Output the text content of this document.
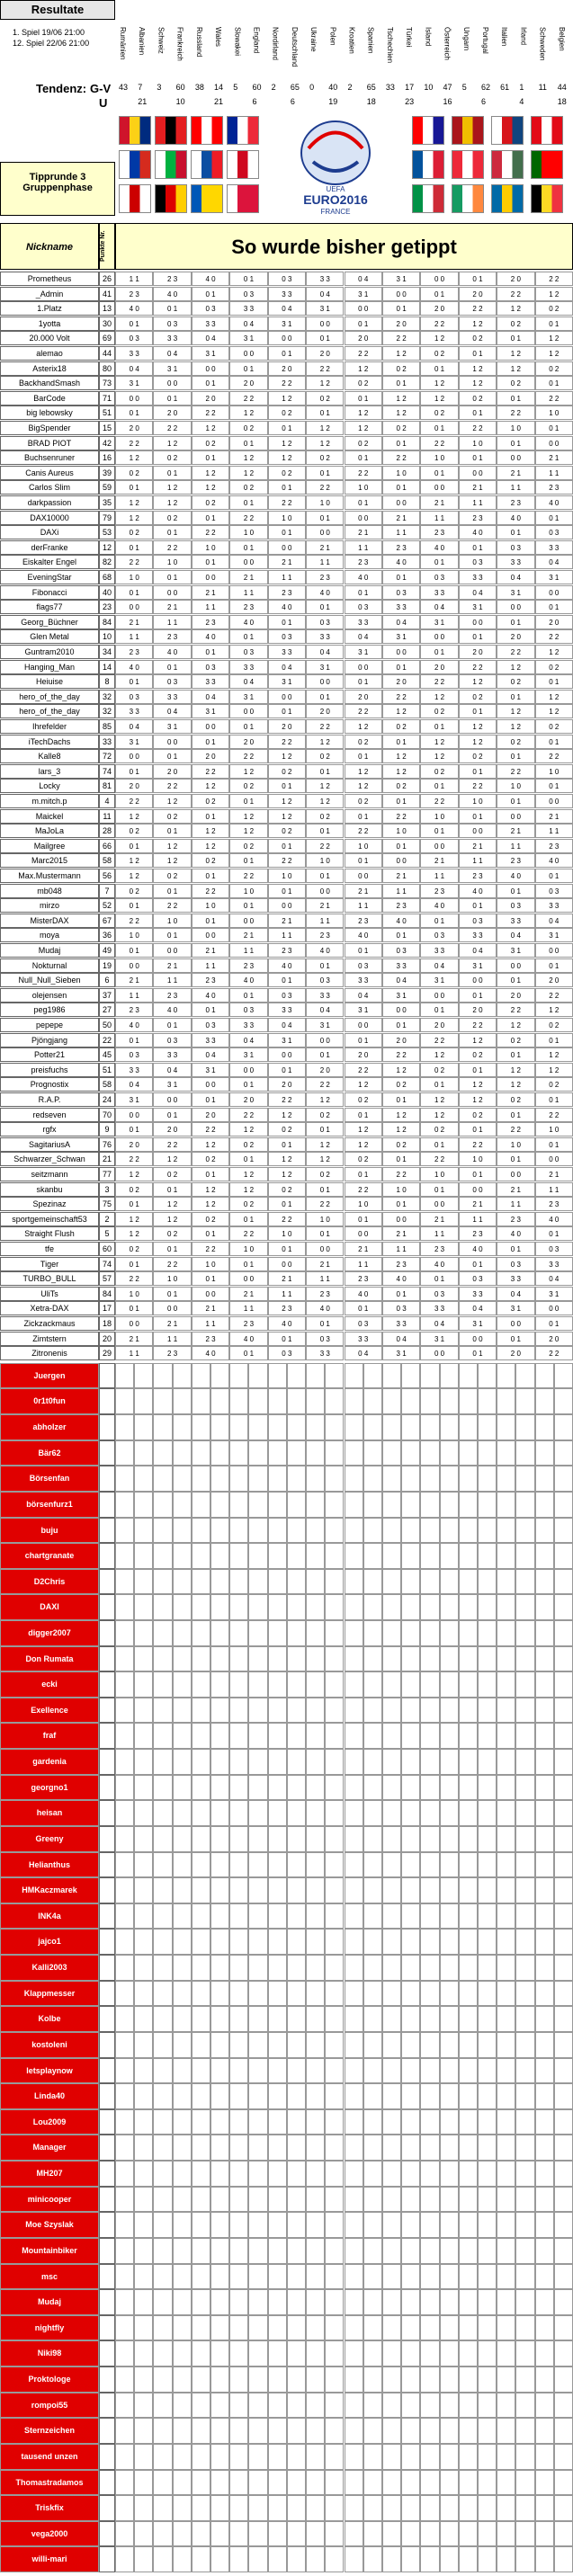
Resultate
1. Spiel 19/06 21:00
12. Spiel 22/06 21:00
Tendenz: G-V
U
Rumänien Albanien Schweiz Frankreich Russland Wales Slowakei England Nordirland Deutschland Ukraine Polen Kroatien Spanien Tschechien Türkei Island Österreich Ungarn Portugal Italien Irland Schweden Belgien
43 7 3 60 38 14 5 60 2 65 0 40 2 65 33 17 10 47 5 62 61 1 11 44
21	10	21	6	6	19	18	23	16	6	4	18
UEFA
EURO2016
FRANCE
Tipprunde 3
Gruppenphase
Nickname	Punkte Nr.	So wurde bisher getippt
Prometheus	26	1 1	2 3	4 0	0 1	0 3	3 3	0 4	3 1	0 0	0 1	2 0	2 2
_Admin	41	2 3	4 0	0 1	0 3	3 3	0 4	3 1	0 0	0 1	2 0	2 2	1 2
1.Platz	13	4 0	0 1	0 3	3 3	0 4	3 1	0 0	0 1	2 0	2 2	1 2	0 2
1yotta	30	0 1	0 3	3 3	0 4	3 1	0 0	0 1	2 0	2 2	1 2	0 2	0 1
20.000 Volt	69	0 3	3 3	0 4	3 1	0 0	0 1	2 0	2 2	1 2	0 2	0 1	1 2
alemao	44	3 3	0 4	3 1	0 0	0 1	2 0	2 2	1 2	0 2	0 1	1 2	1 2
Asterix18	80	0 4	3 1	0 0	0 1	2 0	2 2	1 2	0 2	0 1	1 2	1 2	0 2
BackhandSmash	73	3 1	0 0	0 1	2 0	2 2	1 2	0 2	0 1	1 2	1 2	0 2	0 1
BarCode	71	0 0	0 1	2 0	2 2	1 2	0 2	0 1	1 2	1 2	0 2	0 1	2 2
big lebowsky	51	0 1	2 0	2 2	1 2	0 2	0 1	1 2	1 2	0 2	0 1	2 2	1 0
BigSpender	15	2 0	2 2	1 2	0 2	0 1	1 2	1 2	0 2	0 1	2 2	1 0	0 1
BRAD PIOT	42	2 2	1 2	0 2	0 1	1 2	1 2	0 2	0 1	2 2	1 0	0 1	0 0
Buchsenruner	16	1 2	0 2	0 1	1 2	1 2	0 2	0 1	2 2	1 0	0 1	0 0	2 1
Canis Aureus	39	0 2	0 1	1 2	1 2	0 2	0 1	2 2	1 0	0 1	0 0	2 1	1 1
Carlos Slim	59	0 1	1 2	1 2	0 2	0 1	2 2	1 0	0 1	0 0	2 1	1 1	2 3
darkpassion	35	1 2	1 2	0 2	0 1	2 2	1 0	0 1	0 0	2 1	1 1	2 3	4 0
DAX10000	79	1 2	0 2	0 1	2 2	1 0	0 1	0 0	2 1	1 1	2 3	4 0	0 1
DAXi	53	0 2	0 1	2 2	1 0	0 1	0 0	2 1	1 1	2 3	4 0	0 1	0 3
derFranke	12	0 1	2 2	1 0	0 1	0 0	2 1	1 1	2 3	4 0	0 1	0 3	3 3
Eiskalter Engel	82	2 2	1 0	0 1	0 0	2 1	1 1	2 3	4 0	0 1	0 3	3 3	0 4
EveningStar	68	1 0	0 1	0 0	2 1	1 1	2 3	4 0	0 1	0 3	3 3	0 4	3 1
Fibonacci	40	0 1	0 0	2 1	1 1	2 3	4 0	0 1	0 3	3 3	0 4	3 1	0 0
flags77	23	0 0	2 1	1 1	2 3	4 0	0 1	0 3	3 3	0 4	3 1	0 0	0 1
Georg_Büchner	84	2 1	1 1	2 3	4 0	0 1	0 3	3 3	0 4	3 1	0 0	0 1	2 0
Glen Metal	10	1 1	2 3	4 0	0 1	0 3	3 3	0 4	3 1	0 0	0 1	2 0	2 2
Guntram2010	34	2 3	4 0	0 1	0 3	3 3	0 4	3 1	0 0	0 1	2 0	2 2	1 2
Hanging_Man	14	4 0	0 1	0 3	3 3	0 4	3 1	0 0	0 1	2 0	2 2	1 2	0 2
Heiuise	8	0 1	0 3	3 3	0 4	3 1	0 0	0 1	2 0	2 2	1 2	0 2	0 1
hero_of_the_day	32	0 3	3 3	0 4	3 1	0 0	0 1	2 0	2 2	1 2	0 2	0 1	1 2
hero_of_the_day	32	3 3	0 4	3 1	0 0	0 1	2 0	2 2	1 2	0 2	0 1	1 2	1 2
Ihrefelder	85	0 4	3 1	0 0	0 1	2 0	2 2	1 2	0 2	0 1	1 2	1 2	0 2
iTechDachs	33	3 1	0 0	0 1	2 0	2 2	1 2	0 2	0 1	1 2	1 2	0 2	0 1
Kalle8	72	0 0	0 1	2 0	2 2	1 2	0 2	0 1	1 2	1 2	0 2	0 1	2 2
lars_3	74	0 1	2 0	2 2	1 2	0 2	0 1	1 2	1 2	0 2	0 1	2 2	1 0
Locky	81	2 0	2 2	1 2	0 2	0 1	1 2	1 2	0 2	0 1	2 2	1 0	0 1
m.mitch.p	4	2 2	1 2	0 2	0 1	1 2	1 2	0 2	0 1	2 2	1 0	0 1	0 0
Maickel	11	1 2	0 2	0 1	1 2	1 2	0 2	0 1	2 2	1 0	0 1	0 0	2 1
MaJoLa	28	0 2	0 1	1 2	1 2	0 2	0 1	2 2	1 0	0 1	0 0	2 1	1 1
Mailgree	66	0 1	1 2	1 2	0 2	0 1	2 2	1 0	0 1	0 0	2 1	1 1	2 3
Marc2015	58	1 2	1 2	0 2	0 1	2 2	1 0	0 1	0 0	2 1	1 1	2 3	4 0
Max.Mustermann	56	1 2	0 2	0 1	2 2	1 0	0 1	0 0	2 1	1 1	2 3	4 0	0 1
mb048	7	0 2	0 1	2 2	1 0	0 1	0 0	2 1	1 1	2 3	4 0	0 1	0 3
mirzo	52	0 1	2 2	1 0	0 1	0 0	2 1	1 1	2 3	4 0	0 1	0 3	3 3
MisterDAX	67	2 2	1 0	0 1	0 0	2 1	1 1	2 3	4 0	0 1	0 3	3 3	0 4
moya	36	1 0	0 1	0 0	2 1	1 1	2 3	4 0	0 1	0 3	3 3	0 4	3 1
Mudaj	49	0 1	0 0	2 1	1 1	2 3	4 0	0 1	0 3	3 3	0 4	3 1	0 0
Nokturnal	19	0 0	2 1	1 1	2 3	4 0	0 1	0 3	3 3	0 4	3 1	0 0	0 1
Null_Null_Sieben	6	2 1	1 1	2 3	4 0	0 1	0 3	3 3	0 4	3 1	0 0	0 1	2 0
olejensen	37	1 1	2 3	4 0	0 1	0 3	3 3	0 4	3 1	0 0	0 1	2 0	2 2
peg1986	27	2 3	4 0	0 1	0 3	3 3	0 4	3 1	0 0	0 1	2 0	2 2	1 2
pepepe	50	4 0	0 1	0 3	3 3	0 4	3 1	0 0	0 1	2 0	2 2	1 2	0 2
Pjöngjang	22	0 1	0 3	3 3	0 4	3 1	0 0	0 1	2 0	2 2	1 2	0 2	0 1
Potter21	45	0 3	3 3	0 4	3 1	0 0	0 1	2 0	2 2	1 2	0 2	0 1	1 2
preisfuchs	51	3 3	0 4	3 1	0 0	0 1	2 0	2 2	1 2	0 2	0 1	1 2	1 2
Prognostix	58	0 4	3 1	0 0	0 1	2 0	2 2	1 2	0 2	0 1	1 2	1 2	0 2
R.A.P.	24	3 1	0 0	0 1	2 0	2 2	1 2	0 2	0 1	1 2	1 2	0 2	0 1
redseven	70	0 0	0 1	2 0	2 2	1 2	0 2	0 1	1 2	1 2	0 2	0 1	2 2
rgfx	9	0 1	2 0	2 2	1 2	0 2	0 1	1 2	1 2	0 2	0 1	2 2	1 0
SagitariusA	76	2 0	2 2	1 2	0 2	0 1	1 2	1 2	0 2	0 1	2 2	1 0	0 1
Schwarzer_Schwan	21	2 2	1 2	0 2	0 1	1 2	1 2	0 2	0 1	2 2	1 0	0 1	0 0
seitzmann	77	1 2	0 2	0 1	1 2	1 2	0 2	0 1	2 2	1 0	0 1	0 0	2 1
skanbu	3	0 2	0 1	1 2	1 2	0 2	0 1	2 2	1 0	0 1	0 0	2 1	1 1
Spezinaz	75	0 1	1 2	1 2	0 2	0 1	2 2	1 0	0 1	0 0	2 1	1 1	2 3
sportgemeinschaft53	2	1 2	1 2	0 2	0 1	2 2	1 0	0 1	0 0	2 1	1 1	2 3	4 0
Straight Flush	5	1 2	0 2	0 1	2 2	1 0	0 1	0 0	2 1	1 1	2 3	4 0	0 1
tfe	60	0 2	0 1	2 2	1 0	0 1	0 0	2 1	1 1	2 3	4 0	0 1	0 3
Tiger	74	0 1	2 2	1 0	0 1	0 0	2 1	1 1	2 3	4 0	0 1	0 3	3 3
TURBO_BULL	57	2 2	1 0	0 1	0 0	2 1	1 1	2 3	4 0	0 1	0 3	3 3	0 4
UliTs	84	1 0	0 1	0 0	2 1	1 1	2 3	4 0	0 1	0 3	3 3	0 4	3 1
Xetra-DAX	17	0 1	0 0	2 1	1 1	2 3	4 0	0 1	0 3	3 3	0 4	3 1	0 0
Zickzackmaus	18	0 0	2 1	1 1	2 3	4 0	0 1	0 3	3 3	0 4	3 1	0 0	0 1
Zimtstern	20	2 1	1 1	2 3	4 0	0 1	0 3	3 3	0 4	3 1	0 0	0 1	2 0
Zitronenis	29	1 1	2 3	4 0	0 1	0 3	3 3	0 4	3 1	0 0	0 1	2 0	2 2
Juergen
0r1t0fun
abholzer
Bär62
Börsenfan
börsenfurz1
buju
chartgranate
D2Chris
DAXl
digger2007
Don Rumata
ecki
Exellence
fraf
gardenia
georgno1
heisan
Greeny
Helianthus
HMKaczmarek
INK4a
jajco1
Kalli2003
Klappmesser
Kolbe
kostoleni
letsplaynow
Linda40
Lou2009
Manager
MH207
minicooper
Moe Szyslak
Mountainbiker
msc
Mudaj
nightfly
Niki98
Proktologe
rompoi55
Sternzeichen
tausend unzen
Thomastradamos
Triskfix
vega2000
willi-mari
